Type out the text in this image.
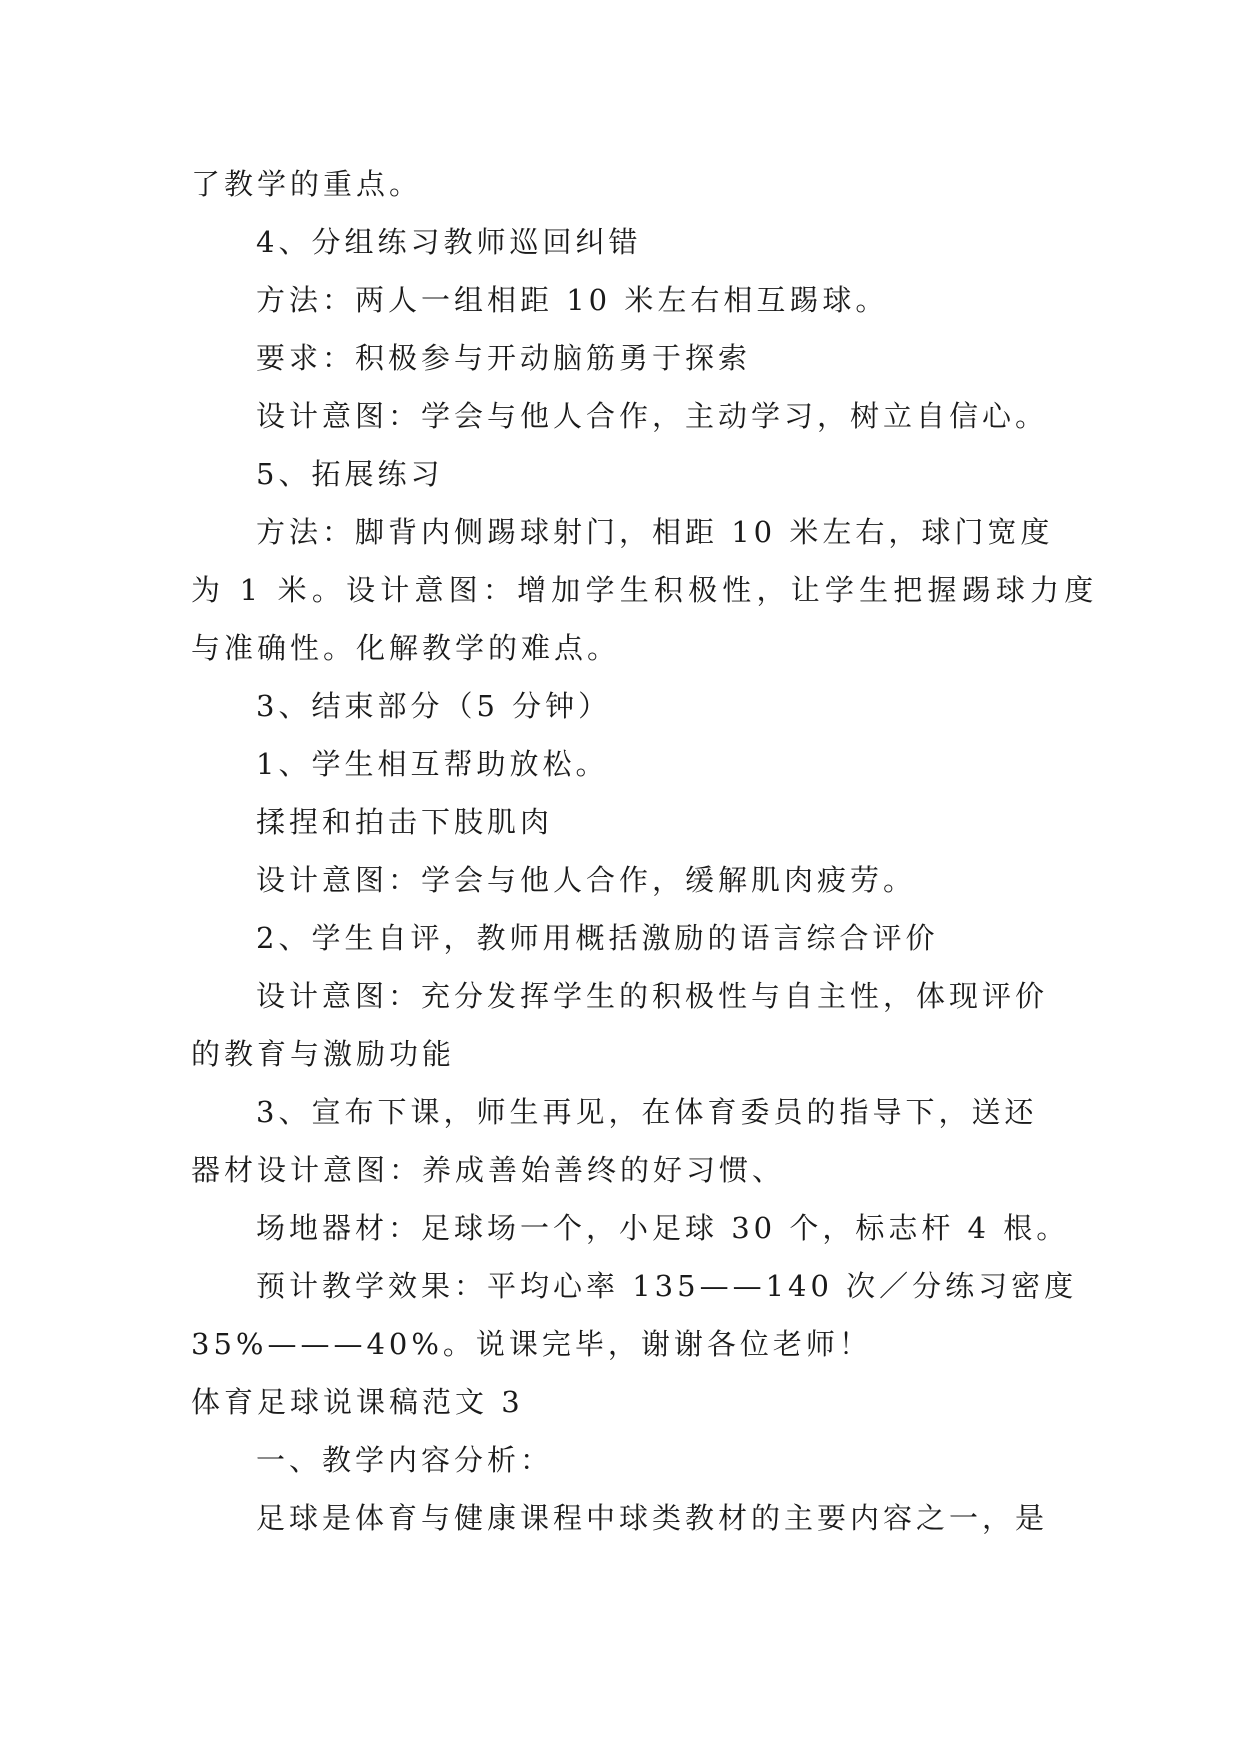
了教学的重点。
4、分组练习教师巡回纠错
方法：两人一组相距 10 米左右相互踢球。
要求：积极参与开动脑筋勇于探索
设计意图：学会与他人合作，主动学习，树立自信心。
5、拓展练习
方法：脚背内侧踢球射门，相距 10 米左右，球门宽度
为 1 米。设计意图：增加学生积极性，让学生把握踢球力度
与准确性。化解教学的难点。
3、结束部分（5 分钟）
1、学生相互帮助放松。
揉捏和拍击下肢肌肉
设计意图：学会与他人合作，缓解肌肉疲劳。
2、学生自评，教师用概括激励的语言综合评价
设计意图：充分发挥学生的积极性与自主性，体现评价
的教育与激励功能
3、宣布下课，师生再见，在体育委员的指导下，送还
器材设计意图：养成善始善终的好习惯、
场地器材：足球场一个，小足球 30 个，标志杆 4 根。
预计教学效果：平均心率 135——140 次／分练习密度
35%———40%。说课完毕，谢谢各位老师！
体育足球说课稿范文 3
一、教学内容分析：
足球是体育与健康课程中球类教材的主要内容之一，是
